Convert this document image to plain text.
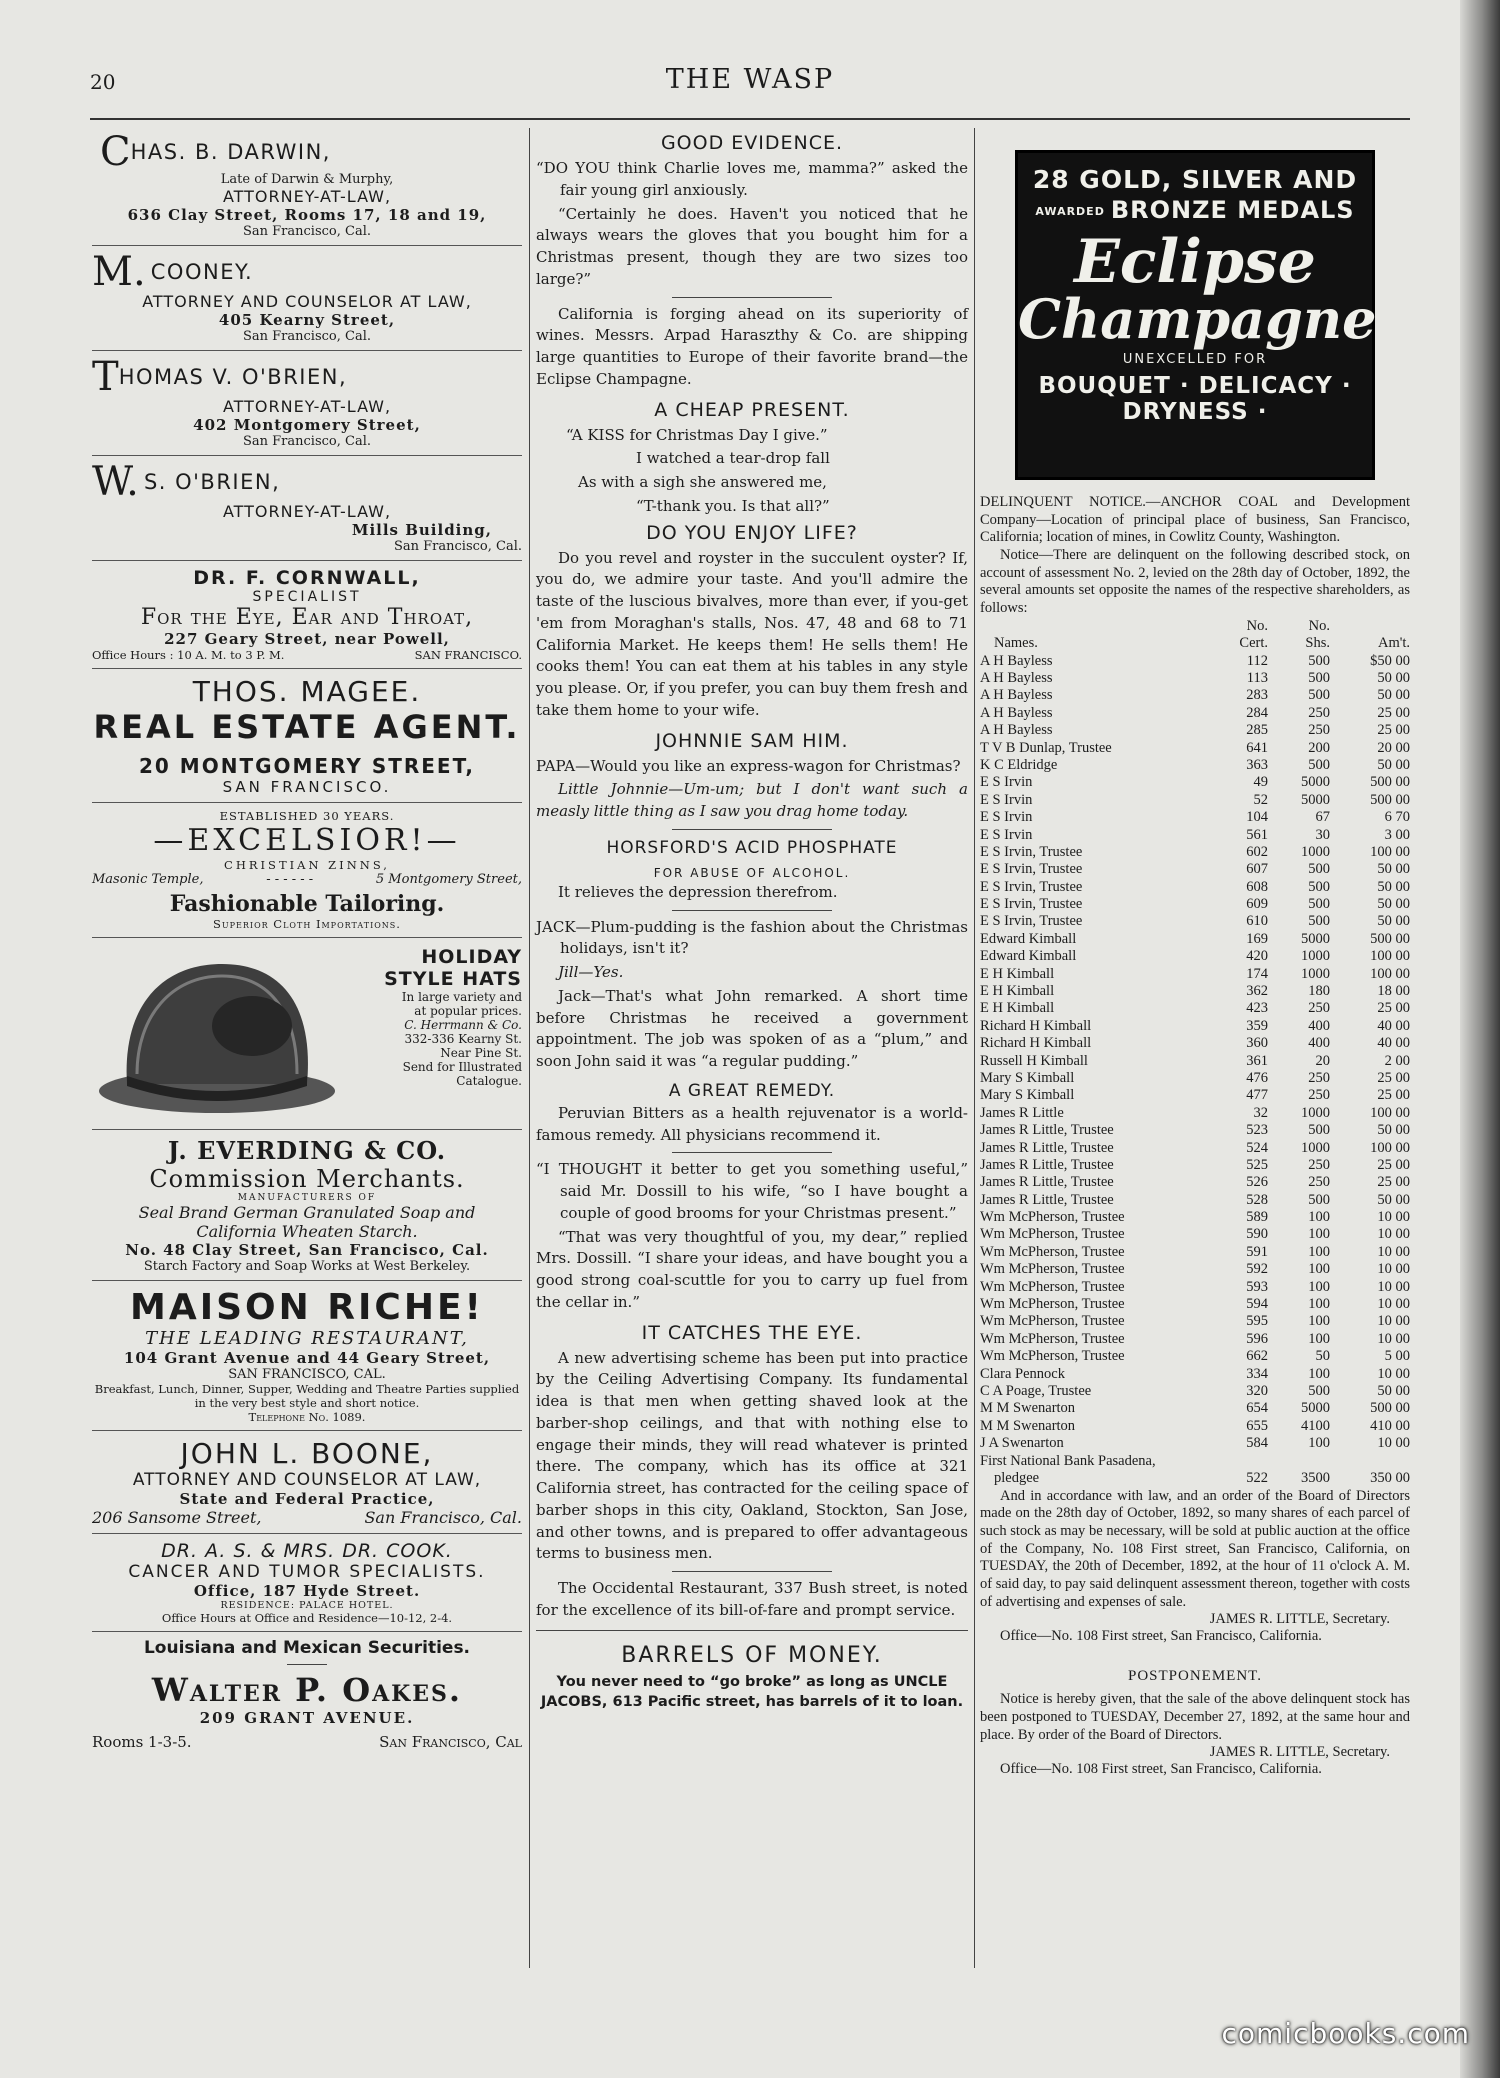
20	THE WASP
CHAS. B. DARWIN,
Late of Darwin & Murphy,
ATTORNEY-AT-LAW,
636 Clay Street, Rooms 17, 18 and 19,
San Francisco, Cal.
M. COONEY.
ATTORNEY AND COUNSELOR AT LAW,
405 Kearny Street,
San Francisco, Cal.
THOMAS V. O'BRIEN,
ATTORNEY-AT-LAW,
402 Montgomery Street,
San Francisco, Cal.
W. S. O'BRIEN,
ATTORNEY-AT-LAW,
Mills Building,
San Francisco, Cal.
DR. F. CORNWALL,
SPECIALIST
For the Eye, Ear and Throat,
227 Geary Street, near Powell,
Office Hours : 10 A. M. to 3 P. M.	SAN FRANCISCO.
THOS. MAGEE.
REAL ESTATE AGENT.
20 MONTGOMERY STREET,
SAN FRANCISCO.
ESTABLISHED 30 YEARS.
—EXCELSIOR!—
CHRISTIAN ZINNS,
Masonic Temple,	- - - - - -	5 Montgomery Street,
Fashionable Tailoring.
Superior Cloth Importations.
HOLIDAY
STYLE HATS
In large variety and
at popular prices.
C. Herrmann & Co.
332-336 Kearny St.
Near Pine St.
Send for Illustrated
Catalogue.
J. EVERDING & CO.
Commission Merchants.
MANUFACTURERS OF
Seal Brand German Granulated Soap and
California Wheaten Starch.
No. 48 Clay Street, San Francisco, Cal.
Starch Factory and Soap Works at West Berkeley.
MAISON RICHE!
THE LEADING RESTAURANT,
104 Grant Avenue and 44 Geary Street,
SAN FRANCISCO, CAL.
Breakfast, Lunch, Dinner, Supper, Wedding and Theatre Parties supplied in the very best style and short notice.
Telephone No. 1089.
JOHN L. BOONE,
ATTORNEY AND COUNSELOR AT LAW,
State and Federal Practice,
206 Sansome Street,	San Francisco, Cal.
DR. A. S. & MRS. DR. COOK.
CANCER AND TUMOR SPECIALISTS.
Office, 187 Hyde Street.
RESIDENCE: PALACE HOTEL.
Office Hours at Office and Residence—10-12, 2-4.
Louisiana and Mexican Securities.
Walter P. Oakes.
209 GRANT AVENUE.
Rooms 1-3-5.	San Francisco, Cal
GOOD EVIDENCE.
“DO YOU think Charlie loves me, mamma?” asked the fair young girl anxiously.
“Certainly he does. Haven't you noticed that he always wears the gloves that you bought him for a Christmas present, though they are two sizes too large?”
California is forging ahead on its superiority of wines. Messrs. Arpad Haraszthy & Co. are shipping large quantities to Europe of their favorite brand—the Eclipse Champagne.
A CHEAP PRESENT.
“A KISS for Christmas Day I give.”
I watched a tear-drop fall
As with a sigh she answered me,
“T-thank you. Is that all?”
DO YOU ENJOY LIFE?
Do you revel and royster in the succulent oyster? If, you do, we admire your taste. And you'll admire the taste of the luscious bivalves, more than ever, if you-get 'em from Moraghan's stalls, Nos. 47, 48 and 68 to 71 California Market. He keeps them! He sells them! He cooks them! You can eat them at his tables in any style you please. Or, if you prefer, you can buy them fresh and take them home to your wife.
JOHNNIE SAM HIM.
PAPA—Would you like an express-wagon for Christmas?
Little Johnnie—Um-um; but I don't want such a measly little thing as I saw you drag home today.
HORSFORD'S ACID PHOSPHATE
FOR ABUSE OF ALCOHOL.
It relieves the depression therefrom.
JACK—Plum-pudding is the fashion about the Christmas holidays, isn't it?
Jill—Yes.
Jack—That's what John remarked. A short time before Christmas he received a government appointment. The job was spoken of as a “plum,” and soon John said it was “a regular pudding.”
A GREAT REMEDY.
Peruvian Bitters as a health rejuvenator is a world-famous remedy. All physicians recommend it.
“I THOUGHT it better to get you something useful,” said Mr. Dossill to his wife, “so I have bought a couple of good brooms for your Christmas present.”
“That was very thoughtful of you, my dear,” replied Mrs. Dossill. “I share your ideas, and have bought you a good strong coal-scuttle for you to carry up fuel from the cellar in.”
IT CATCHES THE EYE.
A new advertising scheme has been put into practice by the Ceiling Advertising Company. Its fundamental idea is that men when getting shaved look at the barber-shop ceilings, and that with nothing else to engage their minds, they will read whatever is printed there. The company, which has its office at 321 California street, has contracted for the ceiling space of barber shops in this city, Oakland, Stockton, San Jose, and other towns, and is prepared to offer advantageous terms to business men.
The Occidental Restaurant, 337 Bush street, is noted for the excellence of its bill-of-fare and prompt service.
BARRELS OF MONEY.
You never need to “go broke” as long as UNCLE JACOBS, 613 Pacific street, has barrels of it to loan.
28 GOLD, SILVER AND
AWARDED BRONZE MEDALS
Eclipse
Champagne
UNEXCELLED FOR
BOUQUET · DELICACY · DRYNESS ·
DELINQUENT NOTICE.—ANCHOR COAL and Development Company—Location of principal place of business, San Francisco, California; location of mines, in Cowlitz County, Washington.
Notice—There are delinquent on the following described stock, on account of assessment No. 2, levied on the 28th day of October, 1892, the several amounts set opposite the names of the respective shareholders, as follows:
	No.	No.	
Names.	Cert.	Shs.	Am't.
A H Bayless	112	500	$50 00
A H Bayless	113	500	50 00
A H Bayless	283	500	50 00
A H Bayless	284	250	25 00
A H Bayless	285	250	25 00
T V B Dunlap, Trustee	641	200	20 00
K C Eldridge	363	500	50 00
E S Irvin	49	5000	500 00
E S Irvin	52	5000	500 00
E S Irvin	104	67	6 70
E S Irvin	561	30	3 00
E S Irvin, Trustee	602	1000	100 00
E S Irvin, Trustee	607	500	50 00
E S Irvin, Trustee	608	500	50 00
E S Irvin, Trustee	609	500	50 00
E S Irvin, Trustee	610	500	50 00
Edward Kimball	169	5000	500 00
Edward Kimball	420	1000	100 00
E H Kimball	174	1000	100 00
E H Kimball	362	180	18 00
E H Kimball	423	250	25 00
Richard H Kimball	359	400	40 00
Richard H Kimball	360	400	40 00
Russell H Kimball	361	20	2 00
Mary S Kimball	476	250	25 00
Mary S Kimball	477	250	25 00
James R Little	32	1000	100 00
James R Little, Trustee	523	500	50 00
James R Little, Trustee	524	1000	100 00
James R Little, Trustee	525	250	25 00
James R Little, Trustee	526	250	25 00
James R Little, Trustee	528	500	50 00
Wm McPherson, Trustee	589	100	10 00
Wm McPherson, Trustee	590	100	10 00
Wm McPherson, Trustee	591	100	10 00
Wm McPherson, Trustee	592	100	10 00
Wm McPherson, Trustee	593	100	10 00
Wm McPherson, Trustee	594	100	10 00
Wm McPherson, Trustee	595	100	10 00
Wm McPherson, Trustee	596	100	10 00
Wm McPherson, Trustee	662	50	5 00
Clara Pennock	334	100	10 00
C A Poage, Trustee	320	500	50 00
M M Swenarton	654	5000	500 00
M M Swenarton	655	4100	410 00
J A Swenarton	584	100	10 00
First National Bank Pasadena,
pledgee	522	3500	350 00
And in accordance with law, and an order of the Board of Directors made on the 28th day of October, 1892, so many shares of each parcel of such stock as may be necessary, will be sold at public auction at the office of the Company, No. 108 First street, San Francisco, California, on TUESDAY, the 20th of December, 1892, at the hour of 11 o'clock A. M. of said day, to pay said delinquent assessment thereon, together with costs of advertising and expenses of sale.
JAMES R. LITTLE, Secretary.
Office—No. 108 First street, San Francisco, California.
POSTPONEMENT.
Notice is hereby given, that the sale of the above delinquent stock has been postponed to TUESDAY, December 27, 1892, at the same hour and place. By order of the Board of Directors.
JAMES R. LITTLE, Secretary.
Office—No. 108 First street, San Francisco, California.
comicbooks.com
